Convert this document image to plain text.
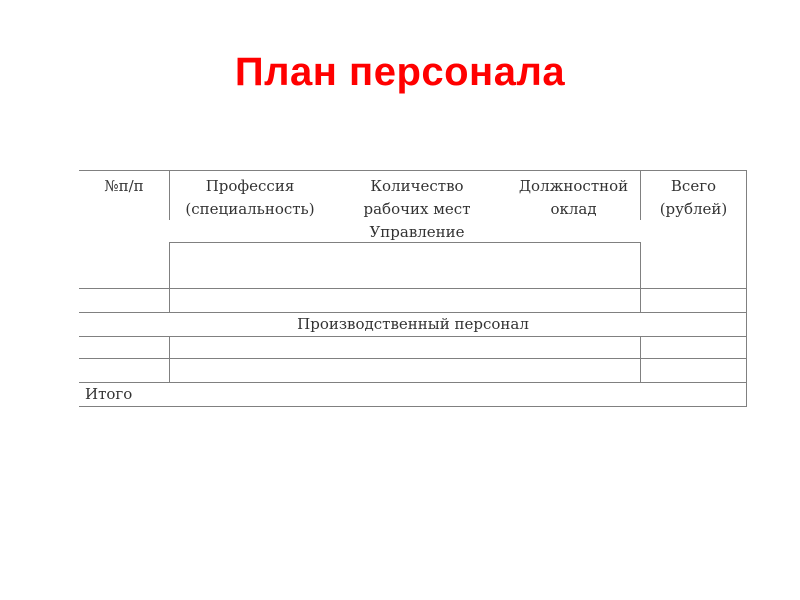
План персонала
№п/п	Профессия
(специальность)
Количество
рабочих мест
Должностной
оклад
Всего
(рублей)
Управление
Производственный персонал
Итого
